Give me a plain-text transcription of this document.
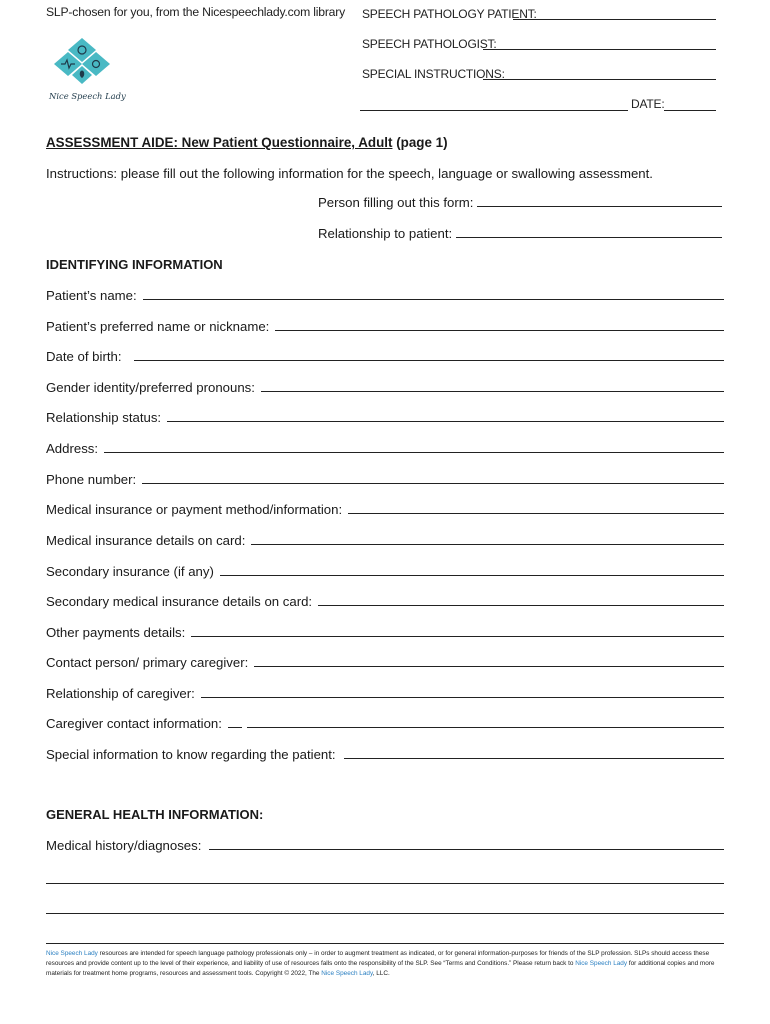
SLP-chosen for you, from the Nicespeechlady.com library
Nice Speech Lady
SPEECH PATHOLOGY PATIENT:
SPEECH PATHOLOGIST:
SPECIAL INSTRUCTIONS:
DATE:
ASSESSMENT AIDE: New Patient Questionnaire, Adult (page 1)
Instructions: please fill out the following information for the speech, language or swallowing assessment.
Person filling out this form:
Relationship to patient:
IDENTIFYING INFORMATION
Patient’s name:
Patient’s preferred name or nickname:
Date of birth:
Gender identity/preferred pronouns:
Relationship status:
Address:
Phone number:
Medical insurance or payment method/information:
Medical insurance details on card:
Secondary insurance (if any)
Secondary medical insurance details on card:
Other payments details:
Contact person/ primary caregiver:
Relationship of caregiver:
Caregiver contact information:
Special information to know regarding the patient:
GENERAL HEALTH INFORMATION:
Medical history/diagnoses:
Nice Speech Lady resources are intended for speech language pathology professionals only – in order to augment treatment as indicated, or for general information-purposes for friends of the SLP profession. SLPs should access these resources and provide content up to the level of their experience, and liability of use of resources falls onto the responsibility of the SLP. See “Terms and Conditions.” Please return back to Nice Speech Lady for additional copies and more materials for treatment home programs, resources and assessment tools. Copyright © 2022, The Nice Speech Lady, LLC.
